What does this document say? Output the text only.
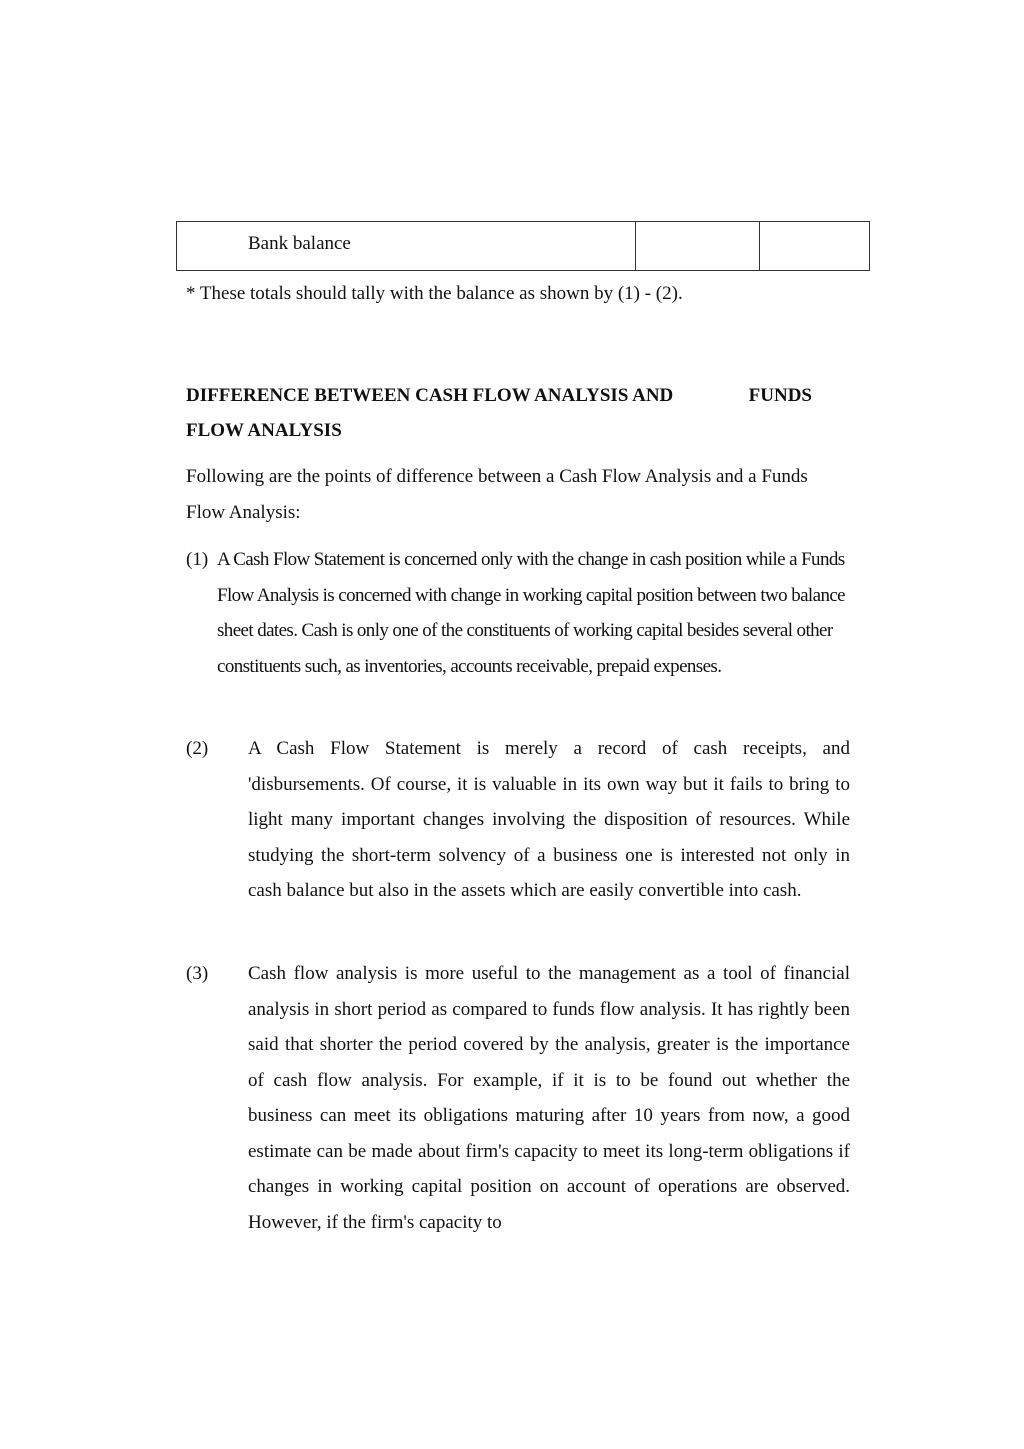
Bank balance

* These totals should tally with the balance as shown by (1) - (2).
DIFFERENCE BETWEEN CASH FLOW ANALYSIS AND	FUNDS
FLOW ANALYSIS
Following are the points of difference between a Cash Flow Analysis and a Funds Flow Analysis:
(1) A Cash Flow Statement is concerned only with the change in cash position while a Funds Flow Analysis is concerned with change in working capital position between two balance sheet dates. Cash is only one of the constituents of working capital besides several other constituents such, as inventories, accounts receivable, prepaid expenses.
(2) A Cash Flow Statement is merely a record of cash receipts, and 'disbursements. Of course, it is valuable in its own way but it fails to bring to light many important changes involving the disposition of resources. While studying the short-term solvency of a business one is interested not only in cash balance but also in the assets which are easily convertible into cash.
(3) Cash flow analysis is more useful to the management as a tool of financial analysis in short period as compared to funds flow analysis. It has rightly been said that shorter the period covered by the analysis, greater is the importance of cash flow analysis. For example, if it is to be found out whether the business can meet its obligations maturing after 10 years from now, a good estimate can be made about firm's capacity to meet its long-term obligations if changes in working capital position on account of operations are observed. However, if the firm's capacity to
